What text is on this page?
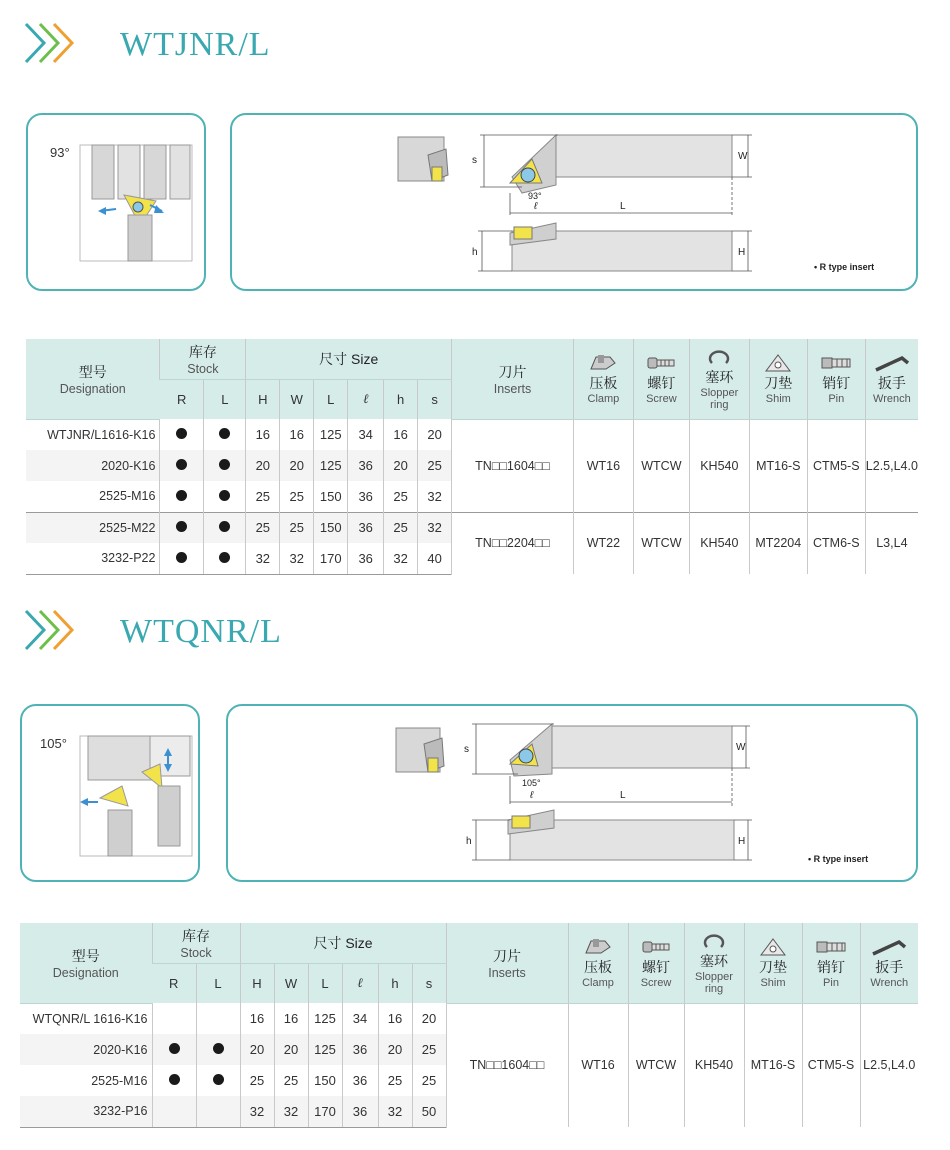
WTJNR/L
93°
s	W
L
93°
ℓ
h	H
• R type insert
型号
Designation	库存
Stock		尺寸 Size						刀片
Inserts	压板
Clamp	螺钉
Screw	塞环
Slopper ring	刀垫
Shim	销钉
Pin	扳手
Wrench

	R	L	H	W	L	ℓ	h	s							
WTJNR/L1616-K16			16	16	125	34	16	20	TN□□1604□□	WT16	WTCW	KH540	MT16-S	CTM5-S	L2.5,L4.0
2020-K16			20	20	125	36	20	25							
2525-M16			25	25	150	36	25	32							
2525-M22			25	25	150	36	25	32	TN□□2204□□	WT22	WTCW	KH540	MT2204	CTM6-S	L3,L4
3232-P22			32	32	170	36	32	40							
WTQNR/L
105°	s	W
L
105°
ℓ
h	H
• R type insert
型号
Designation	库存
Stock		尺寸 Size						刀片
Inserts	压板
Clamp	螺钉
Screw	塞环
Slopper ring	刀垫
Shim	销钉
Pin	扳手
Wrench

	R	L	H	W	L	ℓ	h	s							
WTQNR/L 1616-K16			16	16	125	34	16	20	TN□□1604□□	WT16	WTCW	KH540	MT16-S	CTM5-S	L2.5,L4.0
2020-K16			20	20	125	36	20	25							
2525-M16			25	25	150	36	25	25							
3232-P16			32	32	170	36	32	50							
